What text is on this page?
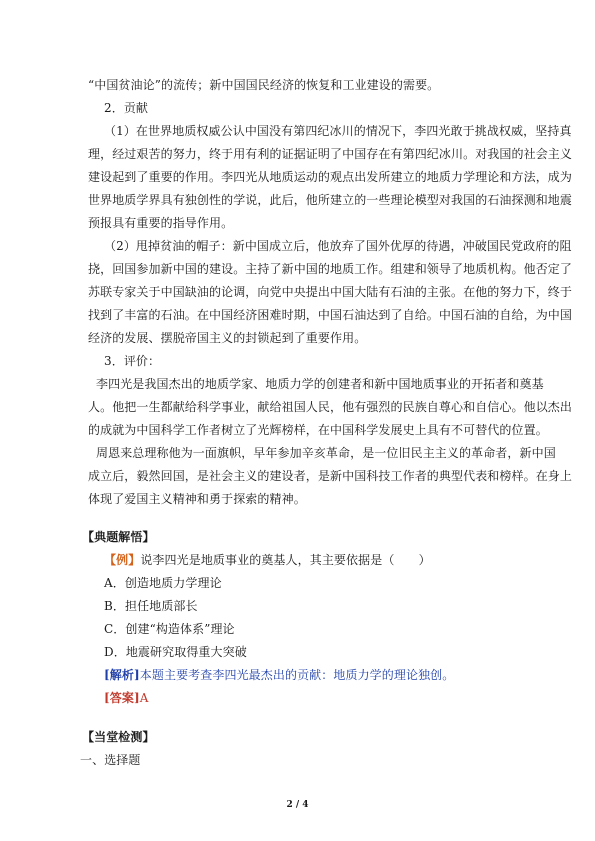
“中国贫油论”的流传；新中国国民经济的恢复和工业建设的需要。
2．贡献
（1）在世界地质权威公认中国没有第四纪冰川的情况下，李四光敢于挑战权威，坚持真
理，经过艰苦的努力，终于用有利的证据证明了中国存在有第四纪冰川。对我国的社会主义
建设起到了重要的作用。李四光从地质运动的观点出发所建立的地质力学理论和方法，成为
世界地质学界具有独创性的学说，此后，他所建立的一些理论模型对我国的石油探测和地震
预报具有重要的指导作用。
（2）甩掉贫油的帽子：新中国成立后，他放弃了国外优厚的待遇，冲破国民党政府的阻
挠，回国参加新中国的建设。主持了新中国的地质工作。组建和领导了地质机构。他否定了
苏联专家关于中国缺油的论调，向党中央提出中国大陆有石油的主张。在他的努力下，终于
找到了丰富的石油。在中国经济困难时期，中国石油达到了自给。中国石油的自给，为中国
经济的发展、摆脱帝国主义的封锁起到了重要作用。
3．评价：
李四光是我国杰出的地质学家、地质力学的创建者和新中国地质事业的开拓者和奠基
人。他把一生都献给科学事业，献给祖国人民，他有强烈的民族自尊心和自信心。他以杰出
的成就为中国科学工作者树立了光辉榜样，在中国科学发展史上具有不可替代的位置。
周恩来总理称他为一面旗帜，早年参加辛亥革命，是一位旧民主主义的革命者，新中国
成立后，毅然回国，是社会主义的建设者，是新中国科技工作者的典型代表和榜样。在身上
体现了爱国主义精神和勇于探索的精神。
【典题解悟】
【例】说李四光是地质事业的奠基人，其主要依据是（　　）
A．创造地质力学理论
B．担任地质部长
C．创建“构造体系”理论
D．地震研究取得重大突破
[解析]本题主要考查李四光最杰出的贡献：地质力学的理论独创。
[答案]A
【当堂检测】
一、选择题
2 / 4
